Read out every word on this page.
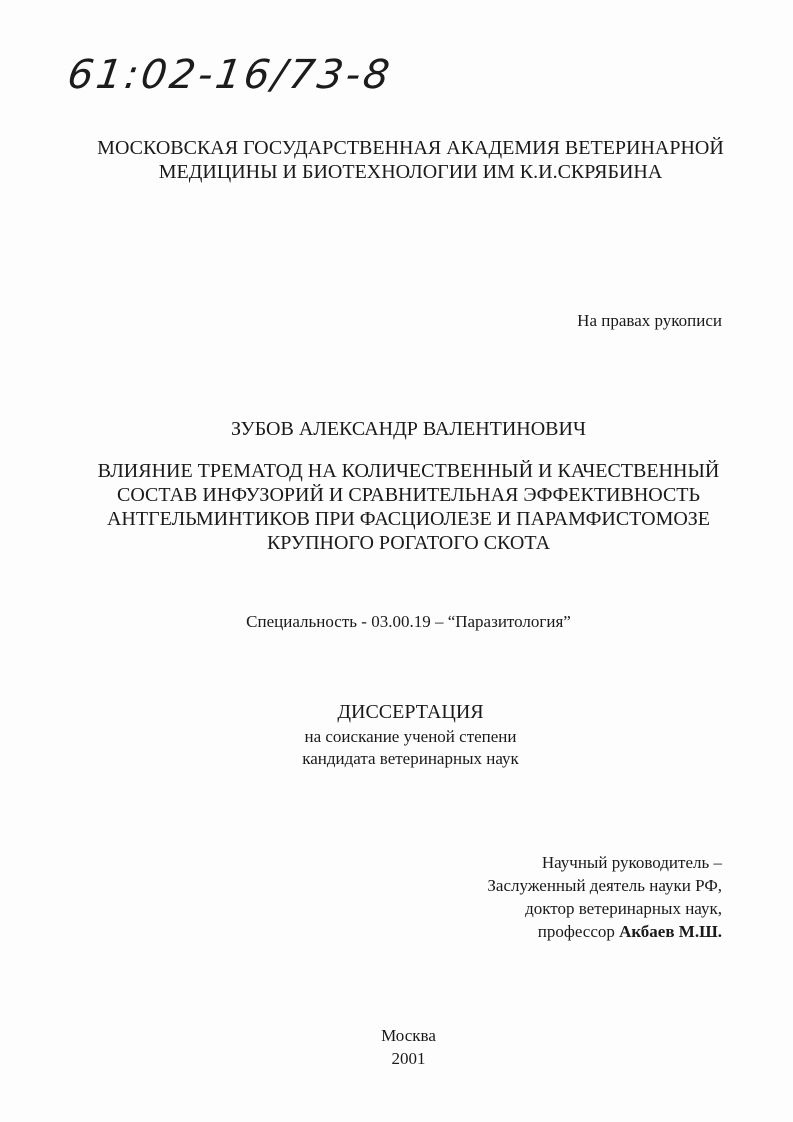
61:02-16/73-8
МОСКОВСКАЯ ГОСУДАРСТВЕННАЯ АКАДЕМИЯ ВЕТЕРИНАРНОЙ
МЕДИЦИНЫ И БИОТЕХНОЛОГИИ ИМ К.И.СКРЯБИНА
На правах рукописи
ЗУБОВ АЛЕКСАНДР ВАЛЕНТИНОВИЧ
ВЛИЯНИЕ ТРЕМАТОД НА КОЛИЧЕСТВЕННЫЙ И КАЧЕСТВЕННЫЙ
СОСТАВ ИНФУЗОРИЙ И СРАВНИТЕЛЬНАЯ ЭФФЕКТИВНОСТЬ
АНТГЕЛЬМИНТИКОВ ПРИ ФАСЦИОЛЕЗЕ И ПАРАМФИСТОМОЗЕ
КРУПНОГО РОГАТОГО СКОТА
Специальность - 03.00.19 – “Паразитология”
ДИССЕРТАЦИЯ
на соискание ученой степени
кандидата ветеринарных наук
Научный руководитель –
Заслуженный деятель науки РФ,
доктор ветеринарных наук,
профессор Акбаев М.Ш.
Москва
2001
